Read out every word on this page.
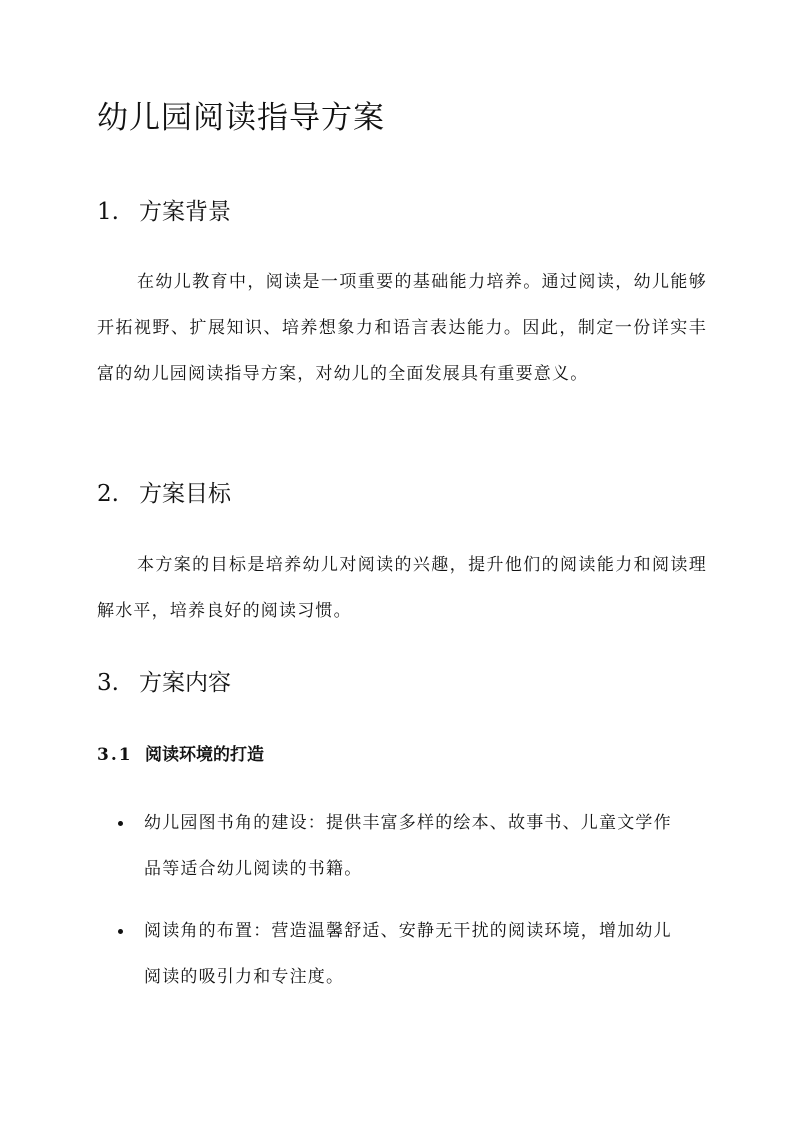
幼儿园阅读指导方案
1. 方案背景

在幼儿教育中，阅读是一项重要的基础能力培养。通过阅读，幼儿能够开拓视野、扩展知识、培养想象力和语言表达能力。因此，制定一份详实丰富的幼儿园阅读指导方案，对幼儿的全面发展具有重要意义。

2. 方案目标

本方案的目标是培养幼儿对阅读的兴趣，提升他们的阅读能力和阅读理解水平，培养良好的阅读习惯。

3. 方案内容
3.1 阅读环境的打造
幼儿园图书角的建设：提供丰富多样的绘本、故事书、儿童文学作品等适合幼儿阅读的书籍。
阅读角的布置：营造温馨舒适、安静无干扰的阅读环境，增加幼儿阅读的吸引力和专注度。
